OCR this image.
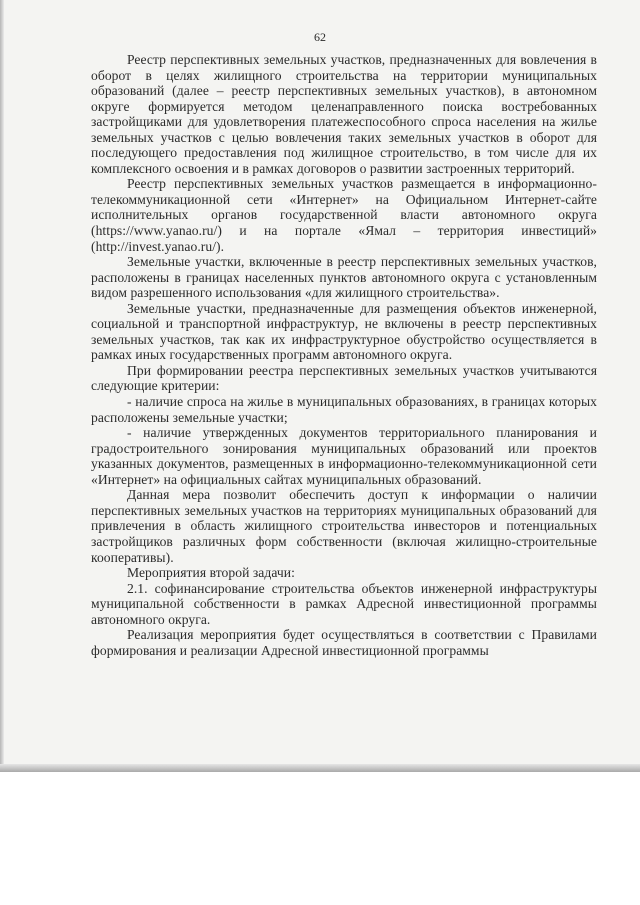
62

Реестр перспективных земельных участков, предназначенных для вовлечения в оборот в целях жилищного строительства на территории муниципальных образований (далее – реестр перспективных земельных участков), в автономном округе формируется методом целенаправленного поиска востребованных застройщиками для удовлетворения платежеспособного спроса населения на жилье земельных участков с целью вовлечения таких земельных участков в оборот для последующего предоставления под жилищное строительство, в том числе для их комплексного освоения и в рамках договоров о развитии застроенных территорий.

Реестр перспективных земельных участков размещается в информационно-телекоммуникационной сети «Интернет» на Официальном Интернет-сайте исполнительных органов государственной власти автономного округа (https://www.yanao.ru/) и на портале «Ямал – территория инвестиций» (http://invest.yanao.ru/).

Земельные участки, включенные в реестр перспективных земельных участков, расположены в границах населенных пунктов автономного округа с установленным видом разрешенного использования «для жилищного строительства».

Земельные участки, предназначенные для размещения объектов инженерной, социальной и транспортной инфраструктур, не включены в реестр перспективных земельных участков, так как их инфраструктурное обустройство осуществляется в рамках иных государственных программ автономного округа.

При формировании реестра перспективных земельных участков учитываются следующие критерии:

- наличие спроса на жилье в муниципальных образованиях, в границах которых расположены земельные участки;

- наличие утвержденных документов территориального планирования и градостроительного зонирования муниципальных образований или проектов указанных документов, размещенных в информационно-телекоммуникационной сети «Интернет» на официальных сайтах муниципальных образований.

Данная мера позволит обеспечить доступ к информации о наличии перспективных земельных участков на территориях муниципальных образований для привлечения в область жилищного строительства инвесторов и потенциальных застройщиков различных форм собственности (включая жилищно-строительные кооперативы).

Мероприятия второй задачи:

2.1. софинансирование строительства объектов инженерной инфраструктуры муниципальной собственности в рамках Адресной инвестиционной программы автономного округа.

Реализация мероприятия будет осуществляться в соответствии с Правилами формирования и реализации Адресной инвестиционной программы
